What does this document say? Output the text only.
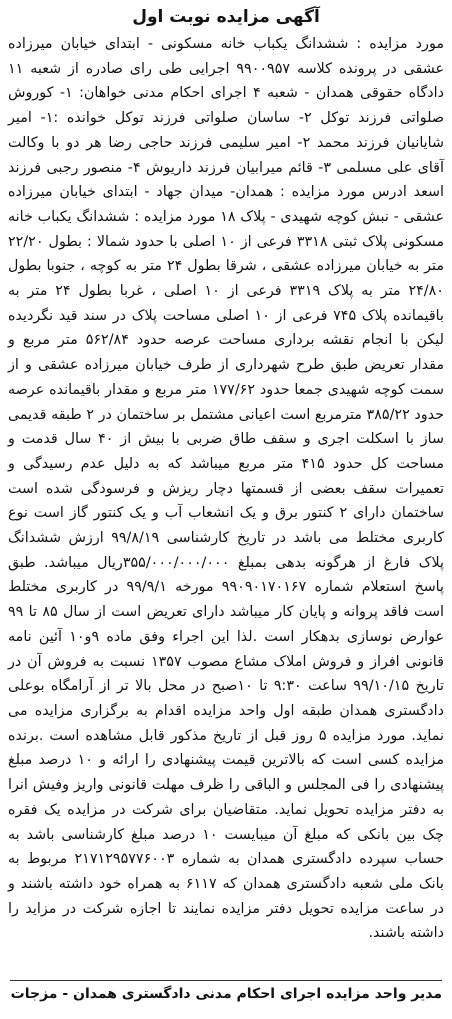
آگهی مزایده نوبت اول

مورد مزایده : ششدانگ یکباب خانه مسکونی - ابتدای خیابان میرزاده عشقی در پرونده کلاسه ۹۹۰۰۹۵۷ اجرایی طی رای صادره از شعبه ۱۱ دادگاه حقوقی همدان - شعبه ۴ اجرای احکام مدنی خواهان: ۱- کوروش صلواتی فرزند توکل ۲- ساسان صلواتی فرزند توکل خوانده :۱- امیر شایانیان فرزند محمد ۲- امیر سلیمی فرزند حاجی رضا هر دو با وکالت آقای علی مسلمی ۳- قائم میرابیان فرزند داریوش ۴- منصور رجبی فرزند اسعد ادرس مورد مزایده : همدان- میدان جهاد - ابتدای خیابان میرزاده عشقی - نبش کوچه شهیدی - پلاک ۱۸ مورد مزایده : ششدانگ یکباب خانه مسکونی پلاک ثبتی ۳۳۱۸ فرعی از ۱۰ اصلی با حدود شمالا : بطول ۲۲/۲۰ متر به خیابان میرزاده عشقی ، شرقا بطول ۲۴ متر به کوچه ، جنوبا بطول ۲۴/۸۰ متر به پلاک ۳۳۱۹ فرعی از ۱۰ اصلی ، غربا بطول ۲۴ متر به باقیمانده پلاک ۷۴۵ فرعی از ۱۰ اصلی مساحت پلاک در سند قید نگردیده لیکن با انجام نقشه برداری مساحت عرصه حدود ۵۶۲/۸۴ متر مربع و مقدار تعریض طبق طرح شهرداری از طرف خیابان میرزاده عشقی و از سمت کوچه شهیدی جمعا حدود ۱۷۷/۶۲ متر مربع و مقدار باقیمانده عرصه حدود ۳۸۵/۲۲ مترمربع است اعیانی مشتمل بر ساختمان در ۲ طبقه قدیمی ساز با اسکلت اجری و سقف طاق ضربی با بیش از ۴۰ سال قدمت و مساحت کل حدود ۴۱۵ متر مربع میباشد که به دلیل عدم رسیدگی و تعمیرات سقف بعضی از قسمتها دچار ریزش و فرسودگی شده است ساختمان دارای ۲ کنتور برق و یک انشعاب آب و یک کنتور گاز است نوع کاربری مختلط می باشد در تاریخ کارشناسی ۹۹/۸/۱۹ ارزش ششدانگ پلاک فارغ از هرگونه بدهی بمبلغ ۳۵۵/۰۰۰/۰۰۰/۰۰۰ریال میباشد. طبق پاسخ استعلام شماره ۹۹۰۹۰۱۷۰۱۶۷ مورخه ۹۹/۹/۱ در کاربری مختلط است فاقد پروانه و پایان کار میباشد دارای تعریض است از سال ۸۵ تا ۹۹ عوارض نوسازی بدهکار است .لذا این اجراء وفق ماده ۹و۱۰ آئین نامه قانونی افراز و فروش املاک مشاع مصوب ۱۳۵۷ نسبت به فروش آن در تاریخ ۹۹/۱۰/۱۵ ساعت ۹:۳۰ تا ۱۰صبح در محل بالا تر از آرامگاه بوعلی دادگستری همدان طبقه اول واحد مزایده اقدام به برگزاری مزایده می نماید. مورد مزایده ۵ روز قبل از تاریخ مذکور قابل مشاهده است .برنده مزایده کسی است که بالاترین قیمت پیشنهادی را ارائه و ۱۰ درصد مبلغ پیشنهادی را فی المجلس و الباقی را ظرف مهلت قانونی واریز وفیش انرا به دفتر مزایده تحویل نماید. متقاضیان برای شرکت در مزایده یک فقره چک بین بانکی که مبلغ آن میبایست ۱۰ درصد مبلغ کارشناسی باشد به حساب سپرده دادگستری همدان به شماره ۲۱۷۱۲۹۵۷۷۶۰۰۳ مربوط به بانک ملی شعبه دادگستری همدان که ۶۱۱۷ به همراه خود داشته باشند و در ساعت مزایده تحویل دفتر مزایده نمایند تا اجازه شرکت در مزاید را داشته باشند.

مدیر واحد مزایده اجرای احکام مدنی دادگستری همدان - مزجات
